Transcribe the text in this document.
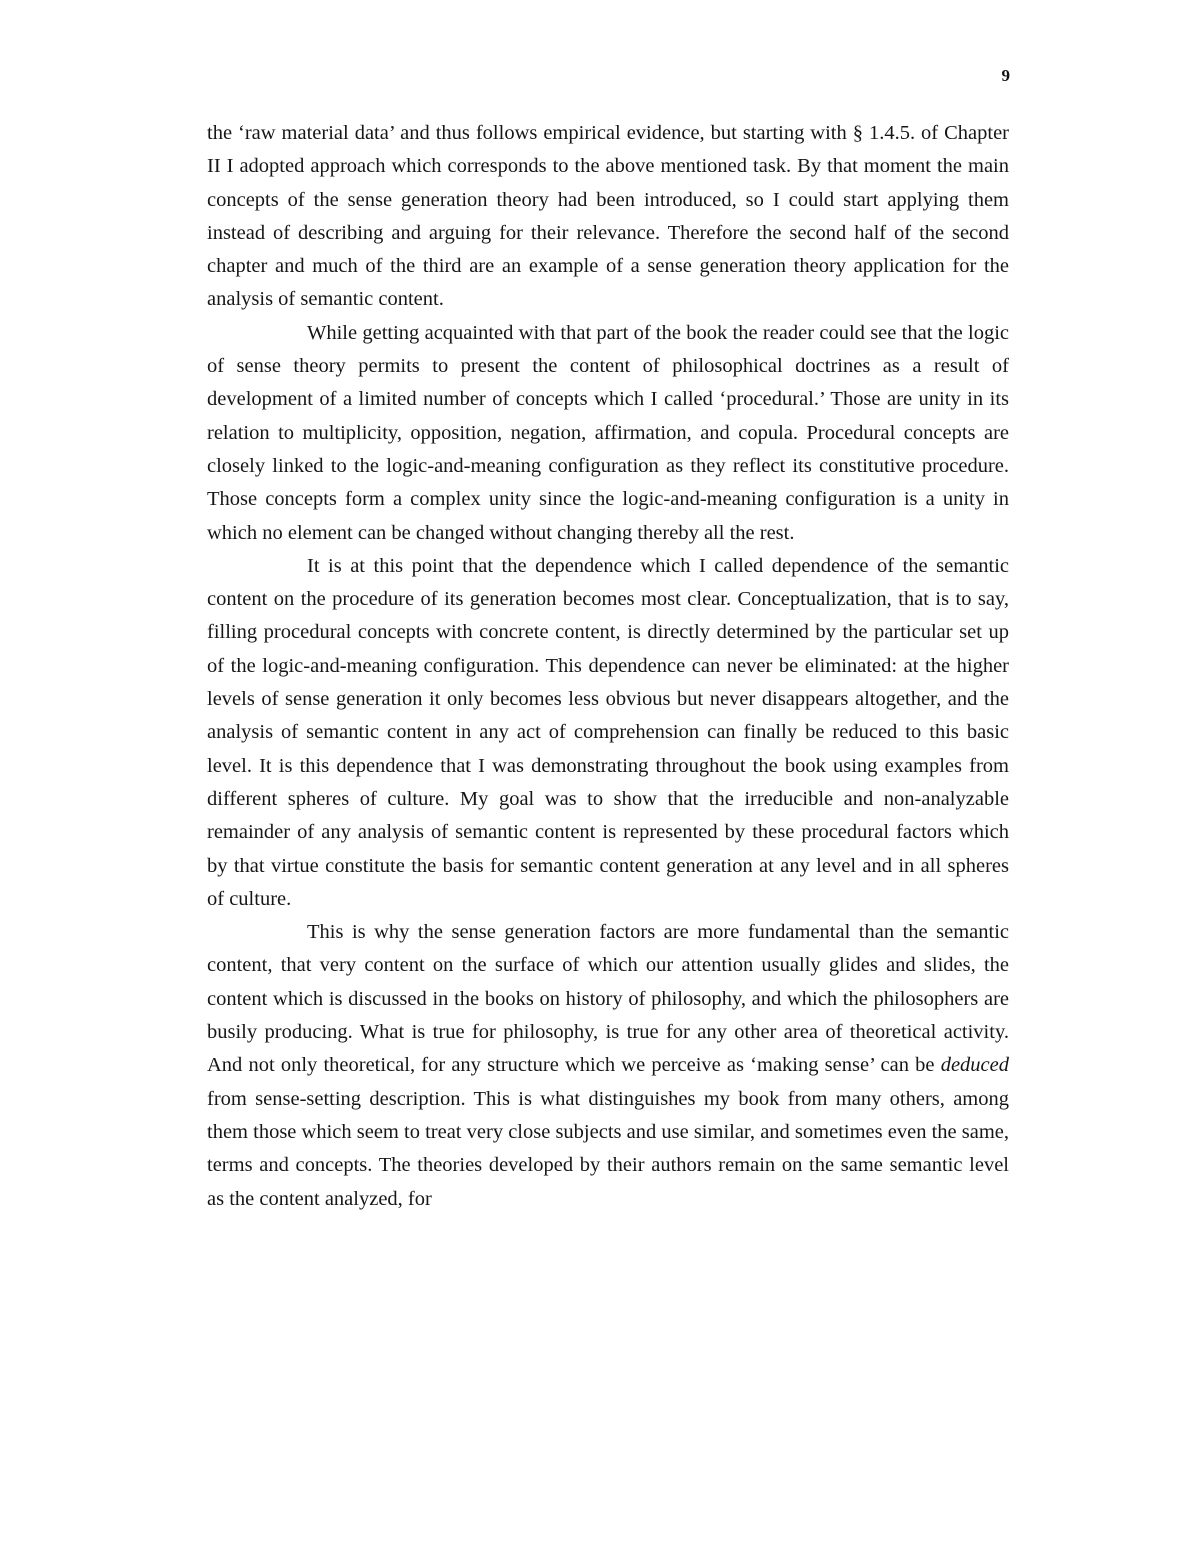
9

the ‘raw material data’ and thus follows empirical evidence, but starting with § 1.4.5. of Chapter II I adopted approach which corresponds to the above mentioned task. By that moment the main concepts of the sense generation theory had been introduced, so I could start applying them instead of describing and arguing for their relevance. Therefore the second half of the second chapter and much of the third are an example of a sense generation theory application for the analysis of semantic content.

While getting acquainted with that part of the book the reader could see that the logic of sense theory permits to present the content of philosophical doctrines as a result of development of a limited number of concepts which I called ‘procedural.’ Those are unity in its relation to multiplicity, opposition, negation, affirmation, and copula. Procedural concepts are closely linked to the logic-and-meaning configuration as they reflect its constitutive procedure. Those concepts form a complex unity since the logic-and-meaning configuration is a unity in which no element can be changed without changing thereby all the rest.

It is at this point that the dependence which I called dependence of the semantic content on the procedure of its generation becomes most clear. Conceptualization, that is to say, filling procedural concepts with concrete content, is directly determined by the particular set up of the logic-and-meaning configuration. This dependence can never be eliminated: at the higher levels of sense generation it only becomes less obvious but never disappears altogether, and the analysis of semantic content in any act of comprehension can finally be reduced to this basic level. It is this dependence that I was demonstrating throughout the book using examples from different spheres of culture. My goal was to show that the irreducible and non-analyzable remainder of any analysis of semantic content is represented by these procedural factors which by that virtue constitute the basis for semantic content generation at any level and in all spheres of culture.

This is why the sense generation factors are more fundamental than the semantic content, that very content on the surface of which our attention usually glides and slides, the content which is discussed in the books on history of philosophy, and which the philosophers are busily producing. What is true for philosophy, is true for any other area of theoretical activity. And not only theoretical, for any structure which we perceive as ‘making sense’ can be deduced from sense-setting description. This is what distinguishes my book from many others, among them those which seem to treat very close subjects and use similar, and sometimes even the same, terms and concepts. The theories developed by their authors remain on the same semantic level as the content analyzed, for
